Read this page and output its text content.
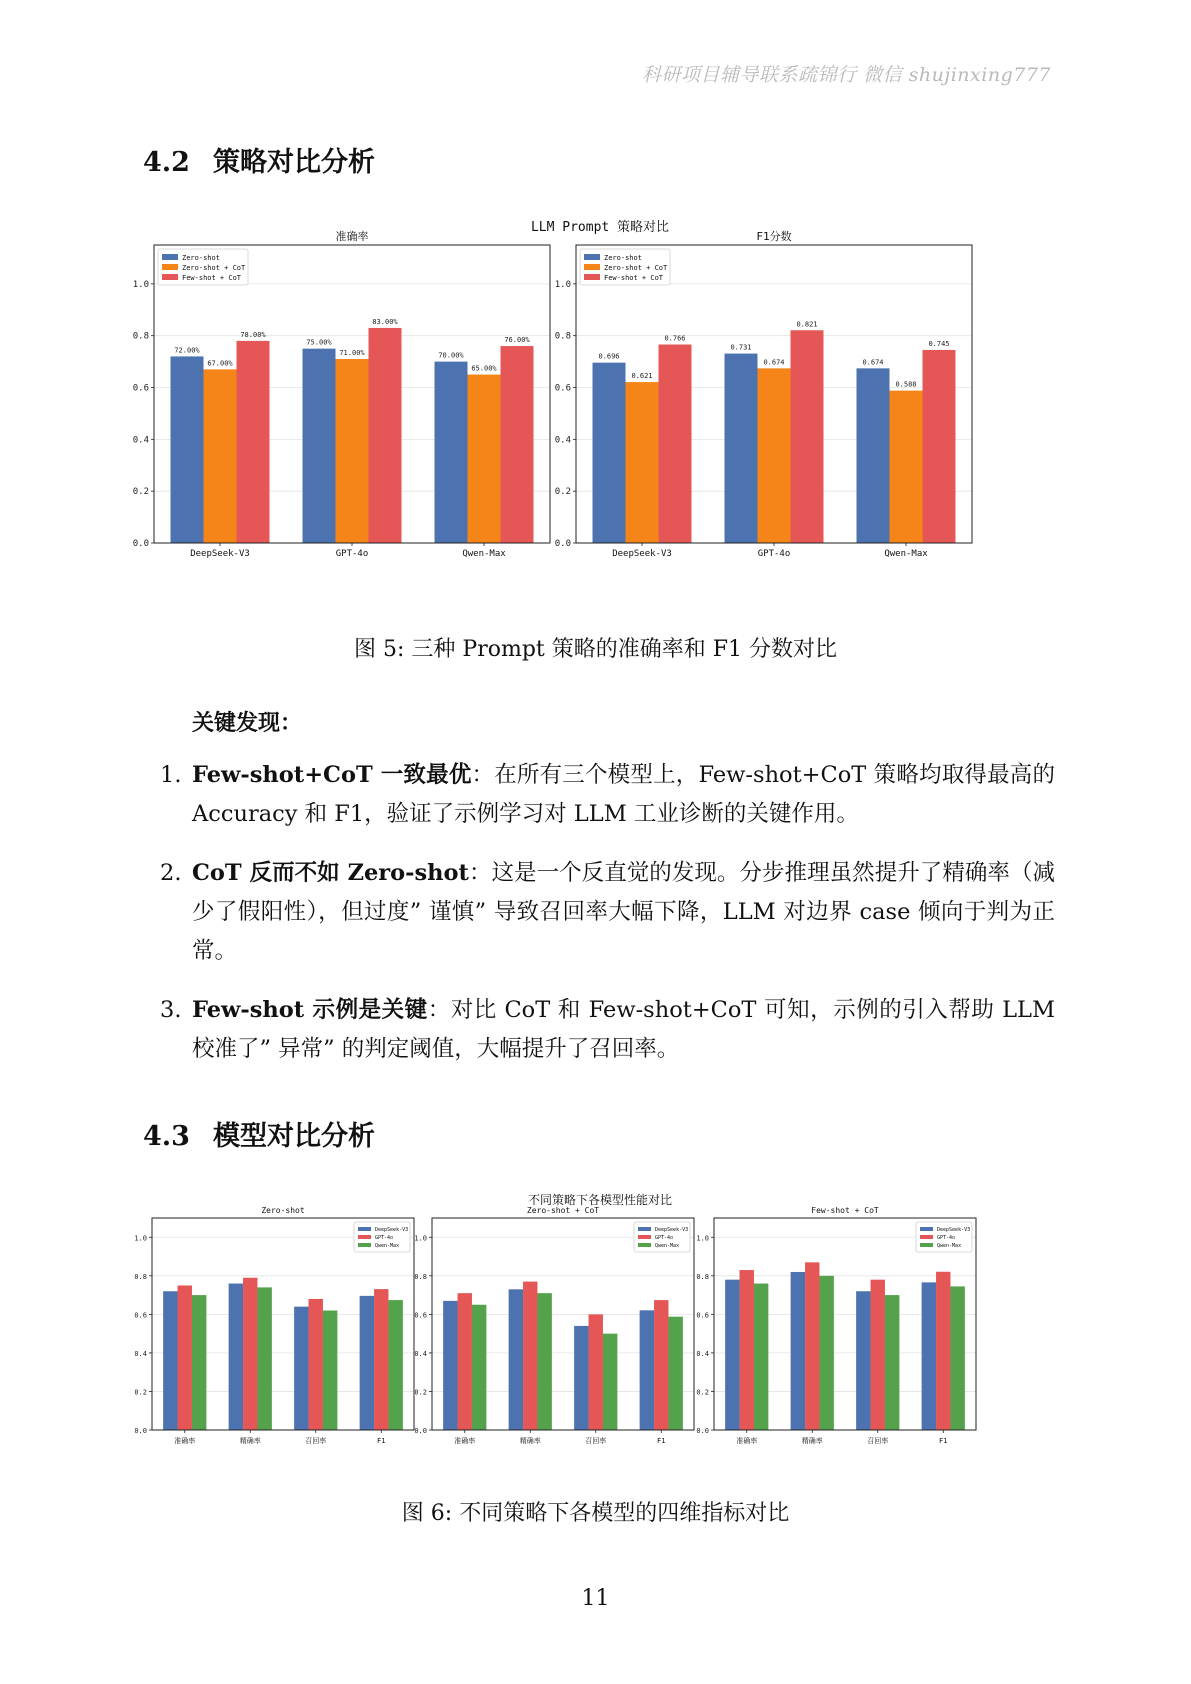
科研项目辅导联系疏锦行 微信 shujinxing777
4.2 策略对比分析
LLM Prompt 策略对比
准确率
0.0
0.2
0.4
0.6
0.8
1.0
72.00%
75.00%
70.00%
67.00%
71.00%
65.00%
78.00%
83.00%
76.00%
DeepSeek-V3	GPT-4o	Qwen-Max
Zero-shot
Zero-shot + CoT
Few-shot + CoT
F1分数
0.0
0.2
0.4
0.6
0.8
1.0
0.696
0.731
0.674
0.621
0.674
0.588
0.766
0.821
0.745
DeepSeek-V3	GPT-4o	Qwen-Max
Zero-shot
Zero-shot + CoT
Few-shot + CoT
图 5: 三种 Prompt 策略的准确率和 F1 分数对比
关键发现：
1. Few-shot+CoT 一致最优：在所有三个模型上，Few-shot+CoT 策略均取得最高的 Accuracy 和 F1，验证了示例学习对 LLM 工业诊断的关键作用。
2. CoT 反而不如 Zero-shot：这是一个反直觉的发现。分步推理虽然提升了精确率（减少了假阳性），但过度” 谨慎” 导致召回率大幅下降，LLM 对边界 case 倾向于判为正常。
3. Few-shot 示例是关键：对比 CoT 和 Few-shot+CoT 可知，示例的引入帮助 LLM 校准了” 异常” 的判定阈值，大幅提升了召回率。
4.3 模型对比分析
不同策略下各模型性能对比
Zero-shot
0.0
0.2
0.4
0.6
0.8
1.0
准确率	精确率	召回率	F1
DeepSeek-V3
GPT-4o
Qwen-Max
Zero-shot + CoT
0.0
0.2
0.4
0.6
0.8
1.0
准确率	精确率	召回率	F1
DeepSeek-V3
GPT-4o
Qwen-Max
Few-shot + CoT
0.0
0.2
0.4
0.6
0.8
1.0
准确率	精确率	召回率	F1
DeepSeek-V3
GPT-4o
Qwen-Max
图 6: 不同策略下各模型的四维指标对比
11
